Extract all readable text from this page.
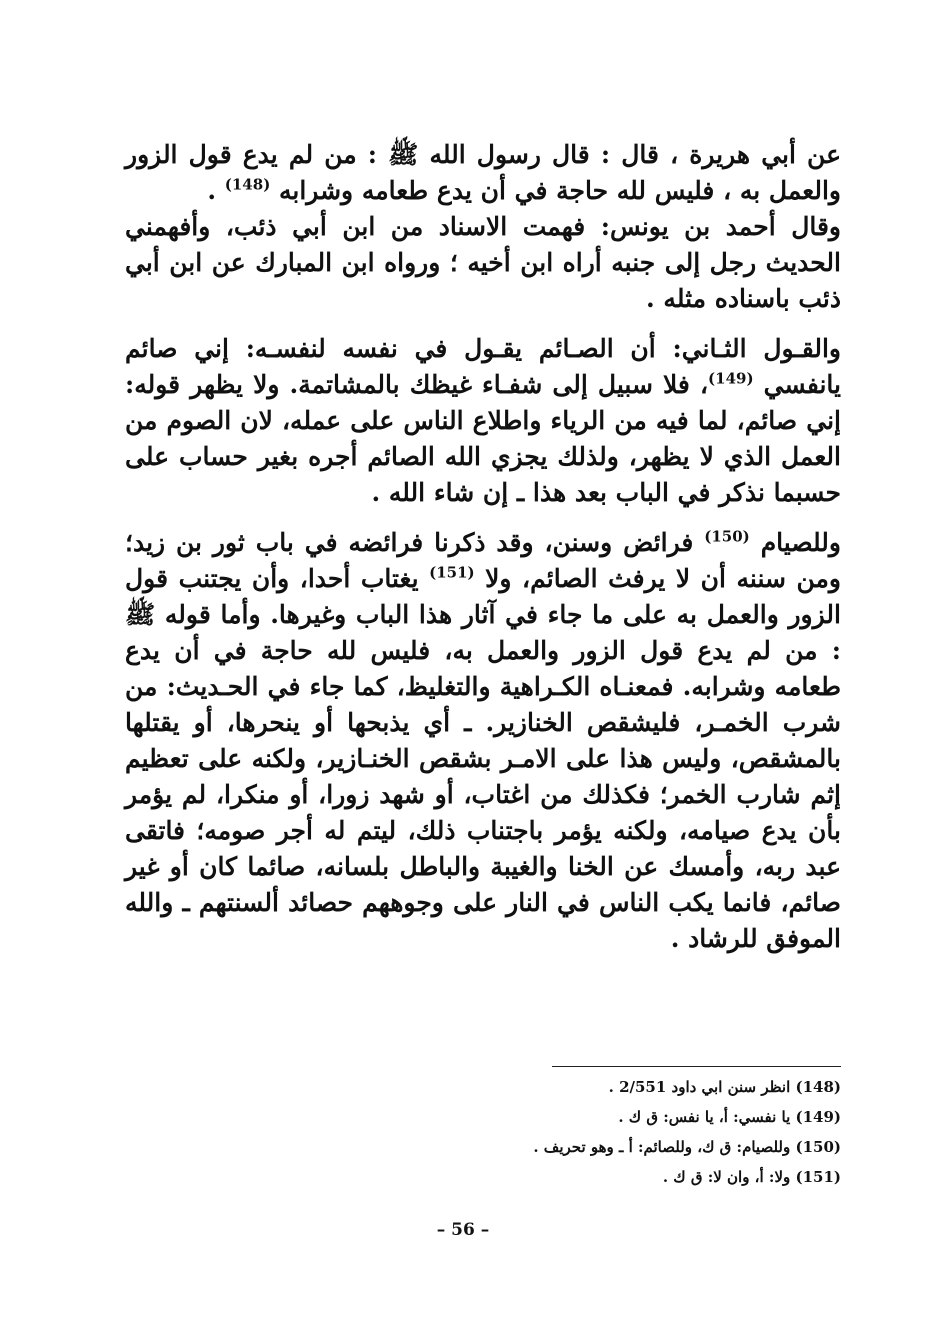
عن أبي هريرة ، قال : قال رسول الله ﷺ : من لم يدع قول الزور والعمل به ، فليس لله حاجة في أن يدع طعامه وشرابه $^{(148)}$ .

وقال أحمد بن يونس: فهمت الاسناد من ابن أبي ذئب، وأفهمني الحديث رجل إلى جنبه أراه ابن أخيه ؛ ورواه ابن المبارك عن ابن أبي ذئب باسناده مثله .

والقـول الثـاني: أن الصـائم يقـول في نفسه لنفسـه: إني صائم يانفسي $^{(149)}$، فلا سبيل إلى شفـاء غيظك بالمشاتمة. ولا يظهر قوله: إني صائم، لما فيه من الرياء واطلاع الناس على عمله، لان الصوم من العمل الذي لا يظهر، ولذلك يجزي الله الصائم أجره بغير حساب على حسبما نذكر في الباب بعد هذا ـ إن شاء الله .

وللصيام $^{(150)}$ فرائض وسنن، وقد ذكرنا فرائضه في باب ثور بن زيد؛ ومن سننه أن لا يرفث الصائم، ولا $^{(151)}$ يغتاب أحدا، وأن يجتنب قول الزور والعمل به على ما جاء في آثار هذا الباب وغيرها. وأما قوله ﷺ : من لم يدع قول الزور والعمل به، فليس لله حاجة في أن يدع طعامه وشرابه. فمعنـاه الكـراهية والتغليظ، كما جاء في الحـديث: من شرب الخمـر، فليشقص الخنازير. ـ أي يذبحها أو ينحرها، أو يقتلها بالمشقص، وليس هذا على الامـر بشقص الخنـازير، ولكنه على تعظيم إثم شارب الخمر؛ فكذلك من اغتاب، أو شهد زورا، أو منكرا، لم يؤمر بأن يدع صيامه، ولكنه يؤمر باجتناب ذلك، ليتم له أجر صومه؛ فاتقى عبد ربه، وأمسك عن الخنا والغيبة والباطل بلسانه، صائما كان أو غير صائم، فانما يكب الناس في النار على وجوههم حصائد ألسنتهم ـ والله الموفق للرشاد .

(148) انظر سنن ابي داود 2/551 .

(149) يا نفسي: أ، يا نفس: ق ك .

(150) وللصيام: ق ك، وللصائم: أ ـ وهو تحريف .

(151) ولا: أ، وان لا: ق ك .

– 56 –
